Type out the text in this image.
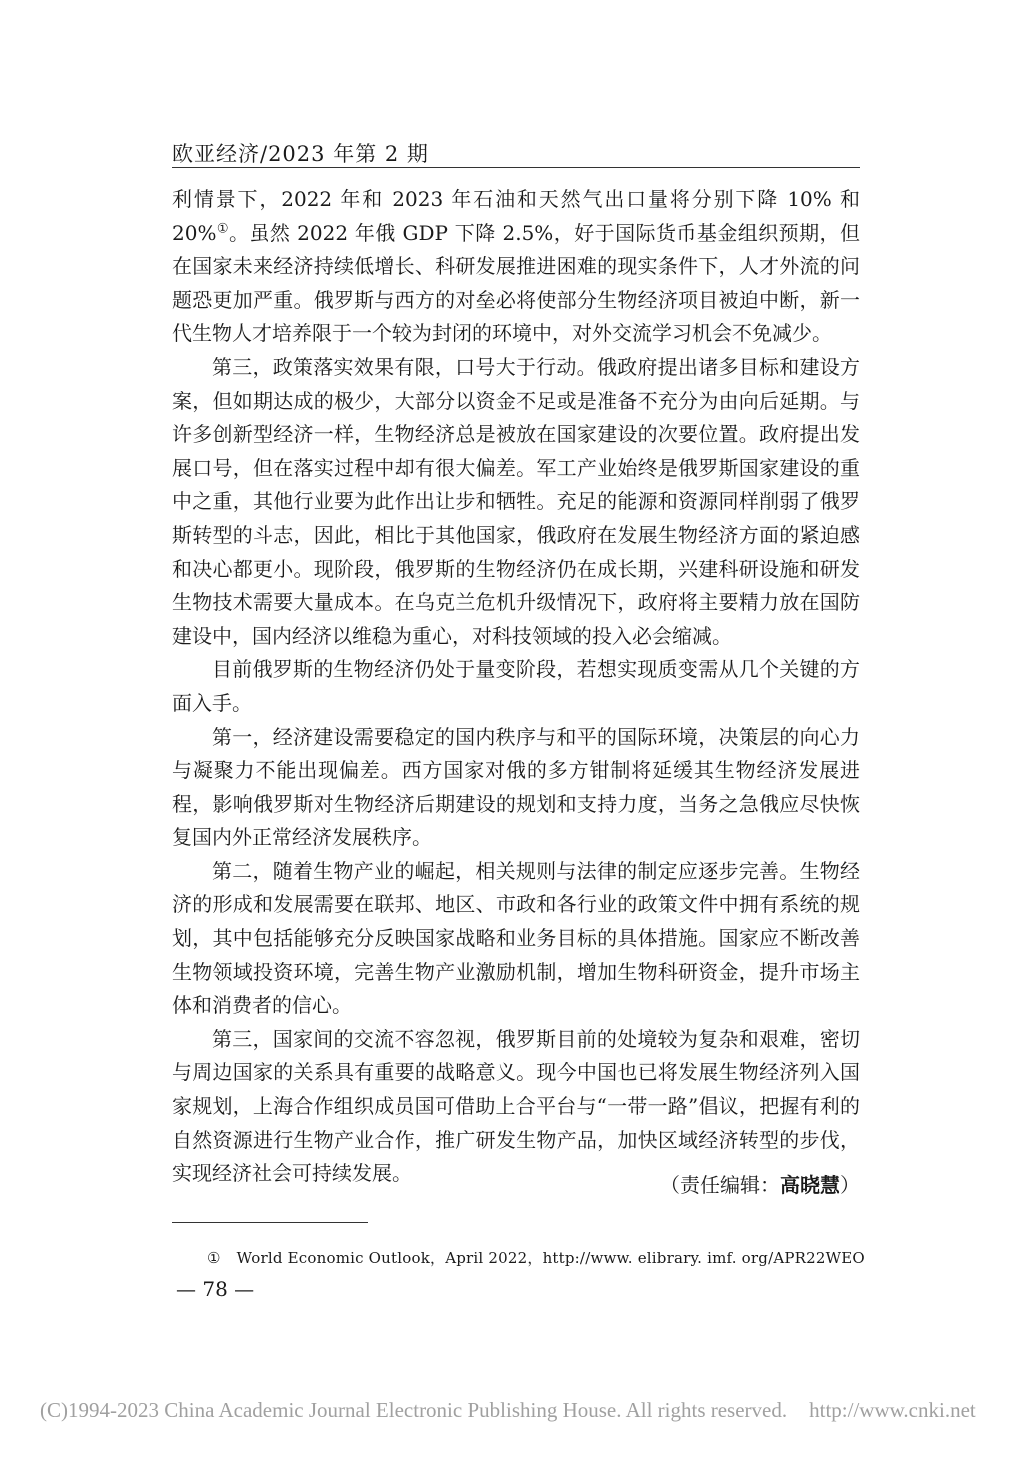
欧亚经济/2023 年第 2 期

利情景下，2022 年和 2023 年石油和天然气出口量将分别下降 10% 和 20%①。虽然 2022 年俄 GDP 下降 2.5%，好于国际货币基金组织预期，但在国家未来经济持续低增长、科研发展推进困难的现实条件下，人才外流的问题恐更加严重。俄罗斯与西方的对垒必将使部分生物经济项目被迫中断，新一代生物人才培养限于一个较为封闭的环境中，对外交流学习机会不免减少。

第三，政策落实效果有限，口号大于行动。俄政府提出诸多目标和建设方案，但如期达成的极少，大部分以资金不足或是准备不充分为由向后延期。与许多创新型经济一样，生物经济总是被放在国家建设的次要位置。政府提出发展口号，但在落实过程中却有很大偏差。军工产业始终是俄罗斯国家建设的重中之重，其他行业要为此作出让步和牺牲。充足的能源和资源同样削弱了俄罗斯转型的斗志，因此，相比于其他国家，俄政府在发展生物经济方面的紧迫感和决心都更小。现阶段，俄罗斯的生物经济仍在成长期，兴建科研设施和研发生物技术需要大量成本。在乌克兰危机升级情况下，政府将主要精力放在国防建设中，国内经济以维稳为重心，对科技领域的投入必会缩减。

目前俄罗斯的生物经济仍处于量变阶段，若想实现质变需从几个关键的方面入手。

第一，经济建设需要稳定的国内秩序与和平的国际环境，决策层的向心力与凝聚力不能出现偏差。西方国家对俄的多方钳制将延缓其生物经济发展进程，影响俄罗斯对生物经济后期建设的规划和支持力度，当务之急俄应尽快恢复国内外正常经济发展秩序。

第二，随着生物产业的崛起，相关规则与法律的制定应逐步完善。生物经济的形成和发展需要在联邦、地区、市政和各行业的政策文件中拥有系统的规划，其中包括能够充分反映国家战略和业务目标的具体措施。国家应不断改善生物领域投资环境，完善生物产业激励机制，增加生物科研资金，提升市场主体和消费者的信心。

第三，国家间的交流不容忽视，俄罗斯目前的处境较为复杂和艰难，密切与周边国家的关系具有重要的战略意义。现今中国也已将发展生物经济列入国家规划，上海合作组织成员国可借助上合平台与“一带一路”倡议，把握有利的自然资源进行生物产业合作，推广研发生物产品，加快区域经济转型的步伐，实现经济社会可持续发展。	（责任编辑：高晓慧）
① World Economic Outlook，April 2022，http://www. elibrary. imf. org/APR22WEO
— 78 —
(C)1994-2023 China Academic Journal Electronic Publishing House. All rights reserved. http://www.cnki.net
